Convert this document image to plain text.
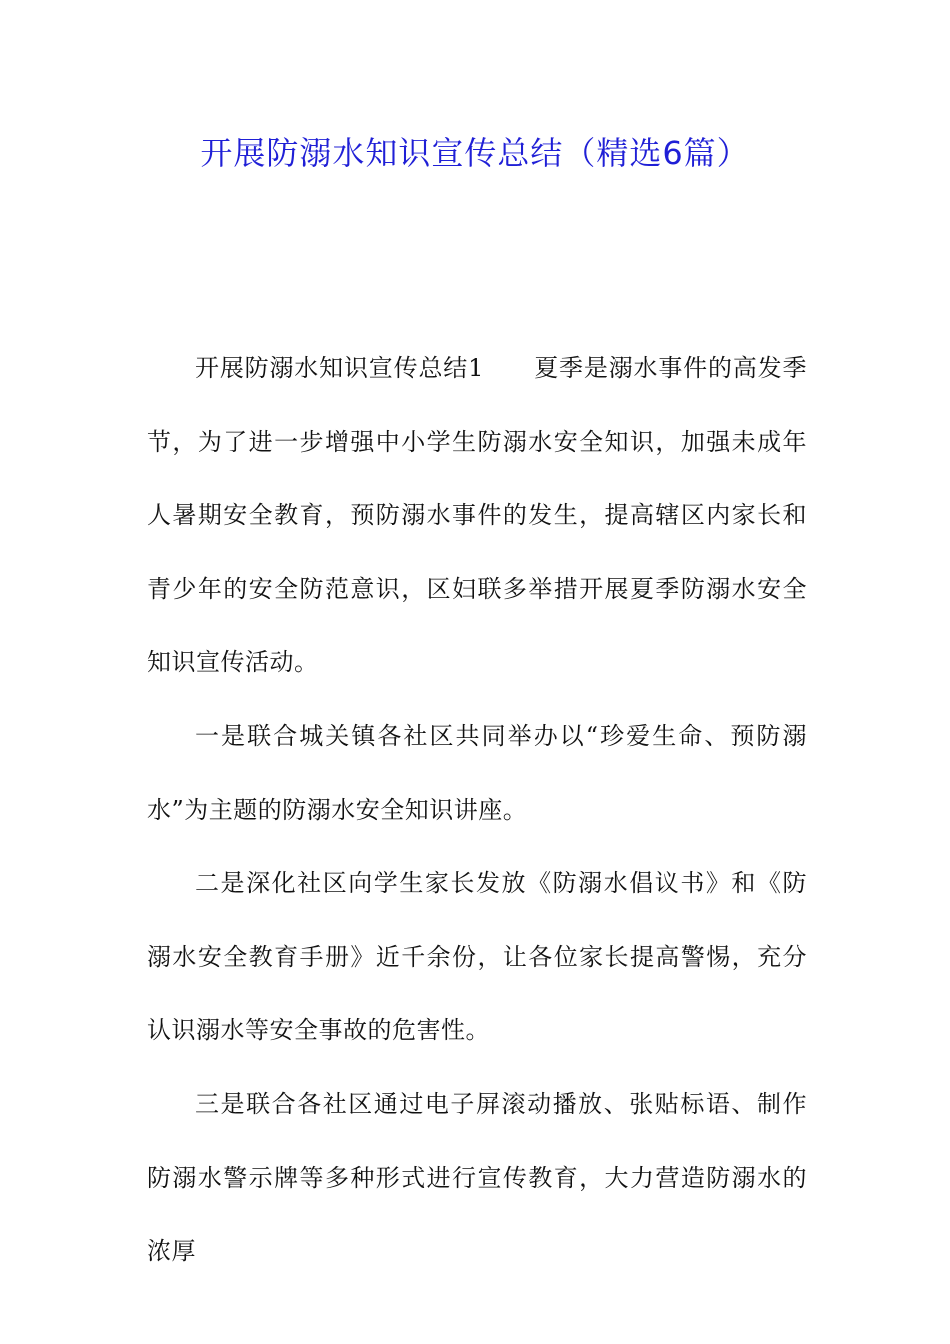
开展防溺水知识宣传总结（精选6篇）

开展防溺水知识宣传总结1 夏季是溺水事件的高发季节，为了进一步增强中小学生防溺水安全知识，加强未成年人暑期安全教育，预防溺水事件的发生，提高辖区内家长和青少年的安全防范意识，区妇联多举措开展夏季防溺水安全知识宣传活动。

一是联合城关镇各社区共同举办以“珍爱生命、预防溺水”为主题的防溺水安全知识讲座。

二是深化社区向学生家长发放《防溺水倡议书》和《防溺水安全教育手册》近千余份，让各位家长提高警惕，充分认识溺水等安全事故的危害性。

三是联合各社区通过电子屏滚动播放、张贴标语、制作防溺水警示牌等多种形式进行宣传教育，大力营造防溺水的浓厚
